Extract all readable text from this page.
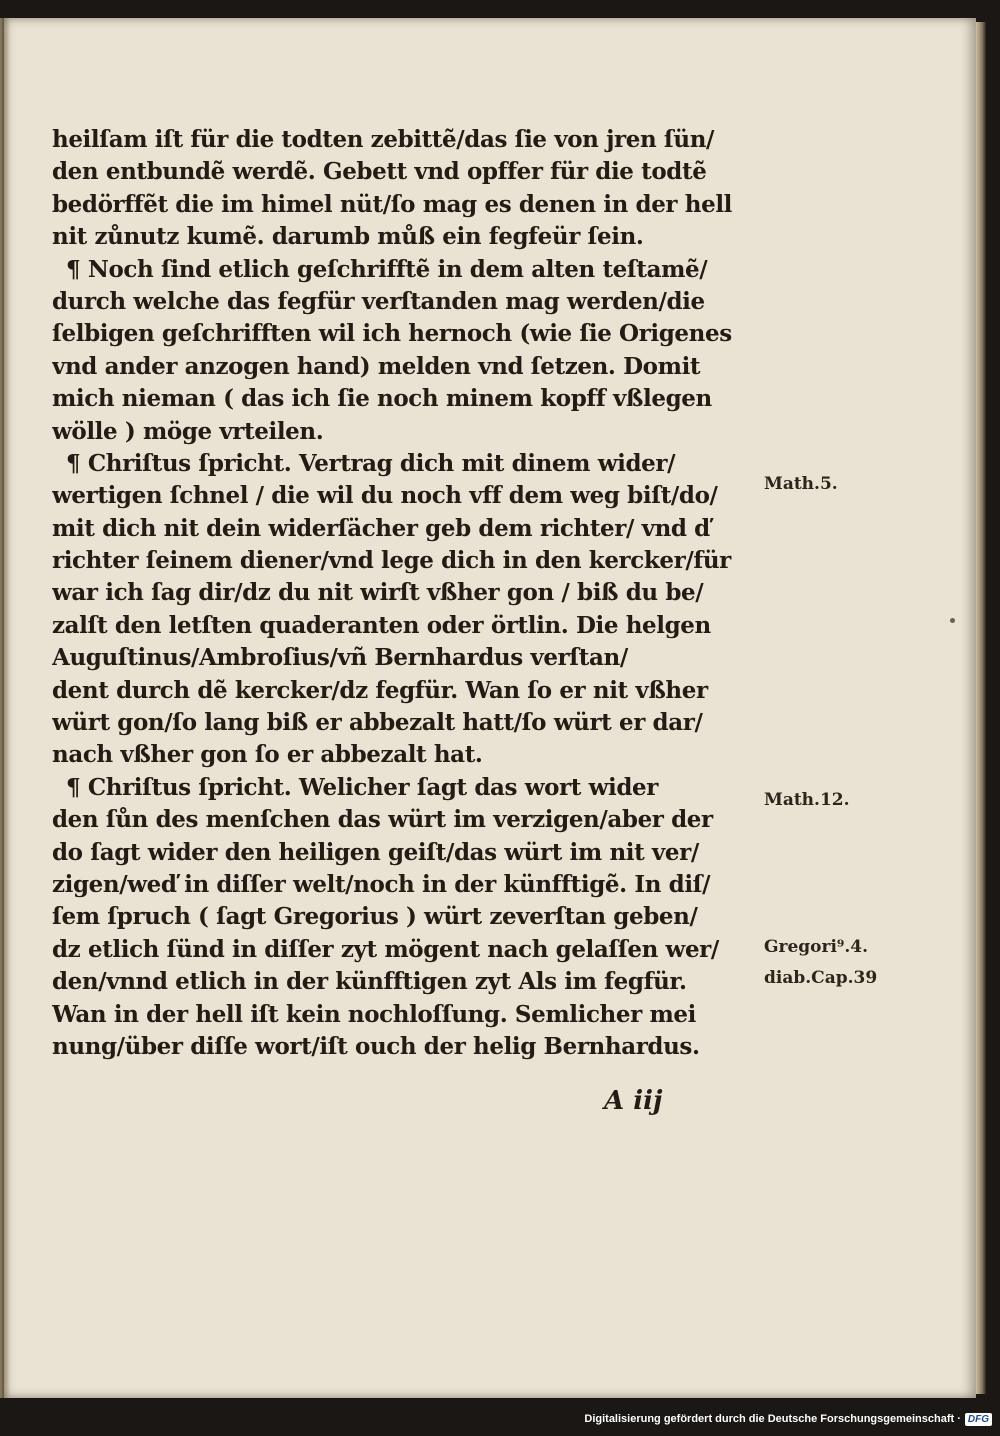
heilſam iſt für die todten zebittẽ/das ſie von jren ſün/
den entbundẽ werdẽ. Gebett vnd opffer für die todtẽ
bedörffẽt die im himel nüt/ſo mag es denen in der hell
nit zůnutz kumẽ. darumb můß ein fegfeür ſein.
¶ Noch ſind etlich geſchrifftẽ in dem alten teſtamẽ/
durch welche das fegfür verſtanden mag werden/die
ſelbigen geſchrifften wil ich hernoch (wie ſie Origenes
vnd ander anzogen hand) melden vnd ſetzen. Domit
mich nieman ( das ich ſie noch minem kopff vßlegen
wölle ) möge vrteilen.
¶ Chriſtus ſpricht. Vertrag dich mit dinem wider/
wertigen ſchnel / die wil du noch vff dem weg biſt/do/
mit dich nit dein widerſächer geb dem richter/ vnd ď
richter ſeinem diener/vnd lege dich in den kercker/für
war ich ſag dir/dz du nit wirſt vßher gon / biß du be/
zalſt den letſten quaderanten oder örtlin. Die helgen
Auguſtinus/Ambroſius/vñ Bernhardus verſtan/
dent durch dẽ kercker/dz fegfür. Wan ſo er nit vßher
würt gon/ſo lang biß er abbezalt hatt/ſo würt er dar/
nach vßher gon ſo er abbezalt hat.
¶ Chriſtus ſpricht. Welicher ſagt das wort wider
den ſůn des menſchen das würt im verzigen/aber der
do ſagt wider den heiligen geiſt/das würt im nit ver/
zigen/weď in diſſer welt/noch in der künfftigẽ. In diſ/
ſem ſpruch ( ſagt Gregorius ) würt zeverſtan geben/
dz etlich ſünd in diſſer zyt mögent nach gelaſſen wer/
den/vnnd etlich in der künfftigen zyt Als im fegfür.
Wan in der hell iſt kein nochloſſung. Semlicher mei
nung/über diſſe wort/iſt ouch der helig Bernhardus.
Math.5.
Math.12.
Gregori⁹.4.
diab.Cap.39
A iij
Digitalisierung gefördert durch die Deutsche Forschungsgemeinschaft · DFG
